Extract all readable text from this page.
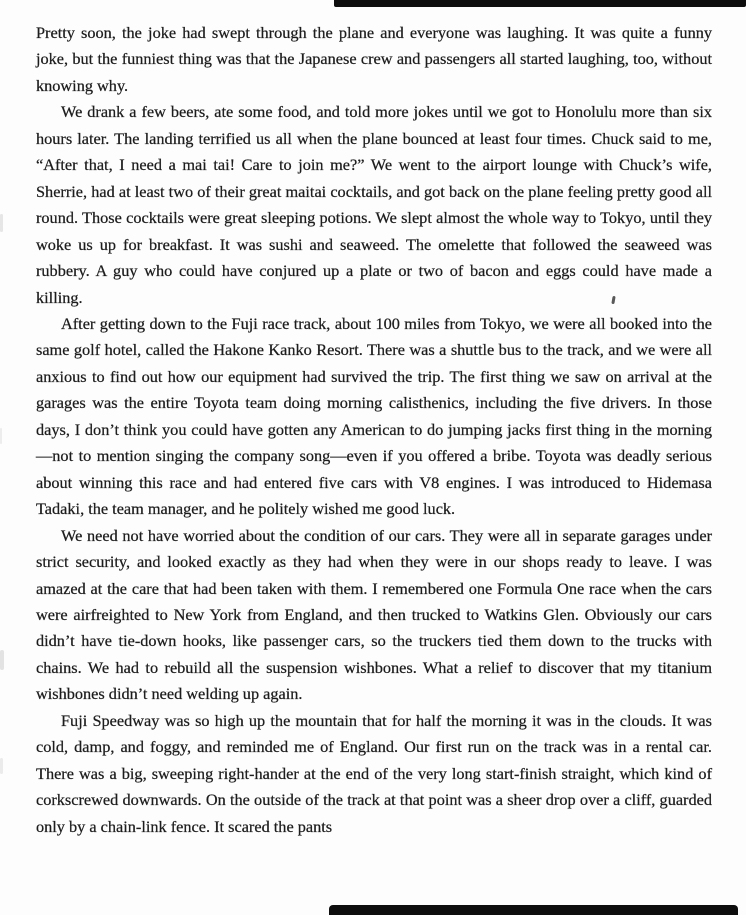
Pretty soon, the joke had swept through the plane and everyone was laughing. It was quite a funny joke, but the funniest thing was that the Japanese crew and passengers all started laughing, too, without knowing why.

We drank a few beers, ate some food, and told more jokes until we got to Honolulu more than six hours later. The landing terrified us all when the plane bounced at least four times. Chuck said to me, “After that, I need a mai tai! Care to join me?” We went to the airport lounge with Chuck’s wife, Sherrie, had at least two of their great maitai cocktails, and got back on the plane feeling pretty good all round. Those cocktails were great sleeping potions. We slept almost the whole way to Tokyo, until they woke us up for breakfast. It was sushi and seaweed. The omelette that followed the seaweed was rubbery. A guy who could have conjured up a plate or two of bacon and eggs could have made a killing.

After getting down to the Fuji race track, about 100 miles from Tokyo, we were all booked into the same golf hotel, called the Hakone Kanko Resort. There was a shuttle bus to the track, and we were all anxious to find out how our equipment had survived the trip. The first thing we saw on arrival at the garages was the entire Toyota team doing morning calisthenics, including the five drivers. In those days, I don’t think you could have gotten any American to do jumping jacks first thing in the morning—not to mention singing the company song—even if you offered a bribe. Toyota was deadly serious about winning this race and had entered five cars with V8 engines. I was introduced to Hidemasa Tadaki, the team manager, and he politely wished me good luck.

We need not have worried about the condition of our cars. They were all in separate garages under strict security, and looked exactly as they had when they were in our shops ready to leave. I was amazed at the care that had been taken with them. I remembered one Formula One race when the cars were airfreighted to New York from England, and then trucked to Watkins Glen. Obviously our cars didn’t have tie-down hooks, like passenger cars, so the truckers tied them down to the trucks with chains. We had to rebuild all the suspension wishbones. What a relief to discover that my titanium wishbones didn’t need welding up again.

Fuji Speedway was so high up the mountain that for half the morning it was in the clouds. It was cold, damp, and foggy, and reminded me of England. Our first run on the track was in a rental car. There was a big, sweeping right-hander at the end of the very long start-finish straight, which kind of corkscrewed downwards. On the outside of the track at that point was a sheer drop over a cliff, guarded only by a chain-link fence. It scared the pants
